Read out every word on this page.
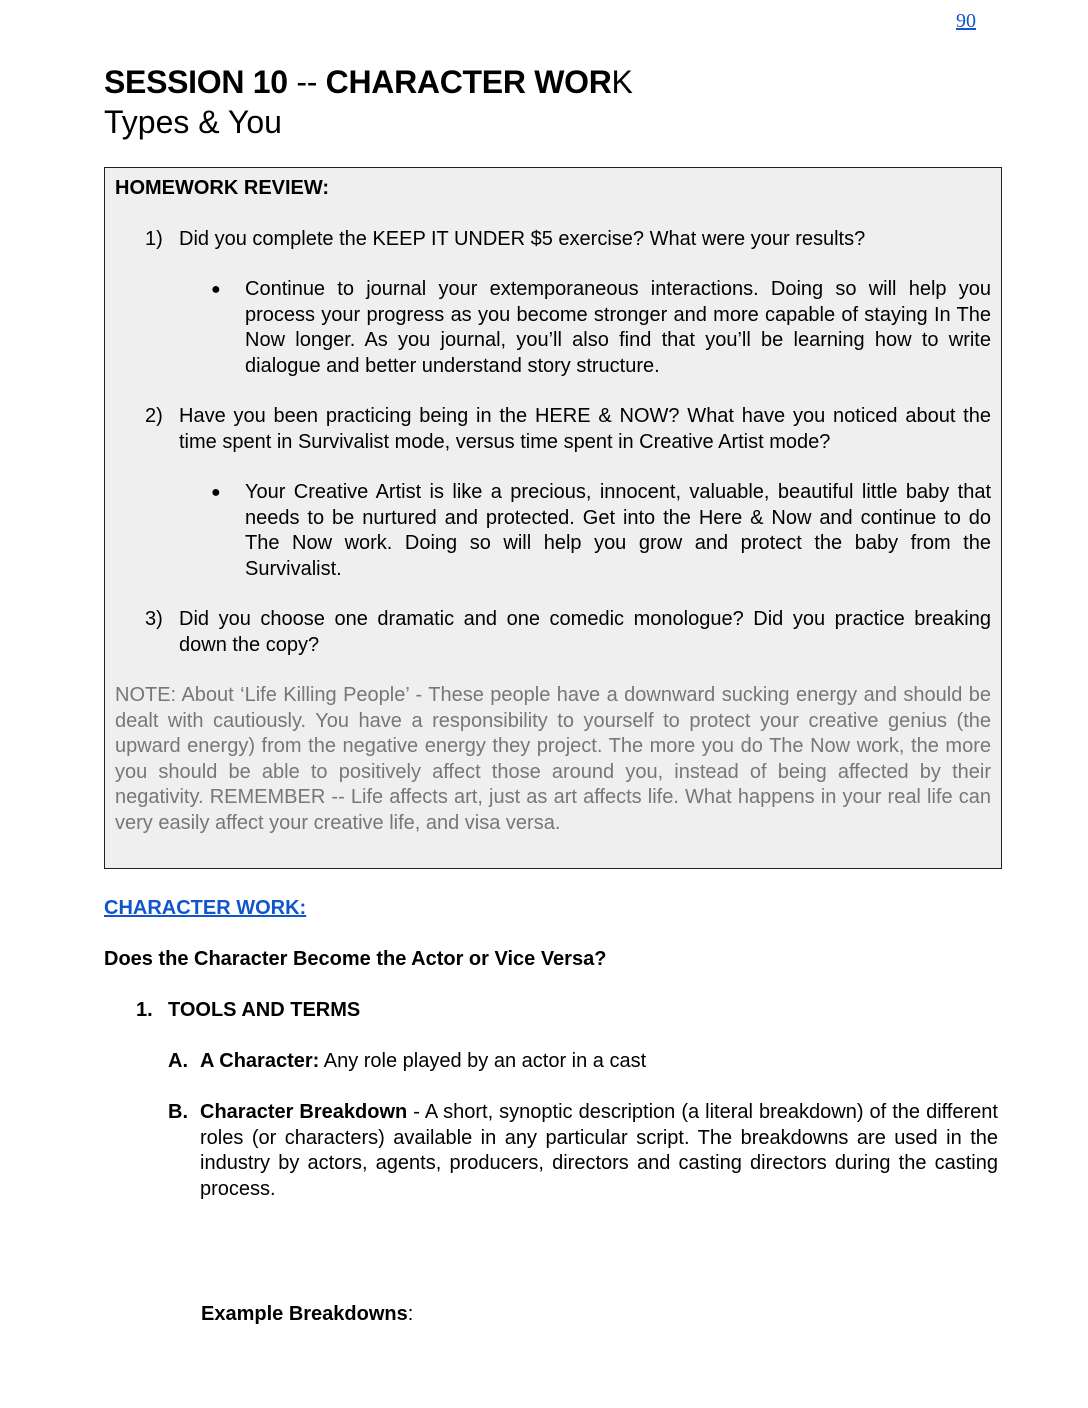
90
SESSION 10 -- CHARACTER WORK
Types & You

HOMEWORK REVIEW:

1) Did you complete the KEEP IT UNDER $5 exercise? What were your results?
●	Continue to journal your extemporaneous interactions. Doing so will help you process your progress as you become stronger and more capable of staying In The Now longer. As you journal, you’ll also find that you’ll be learning how to write dialogue and better understand story structure.
2) Have you been practicing being in the HERE & NOW? What have you noticed about the time spent in Survivalist mode, versus time spent in Creative Artist mode?
●	Your Creative Artist is like a precious, innocent, valuable, beautiful little baby that needs to be nurtured and protected. Get into the Here & Now and continue to do The Now work. Doing so will help you grow and protect the baby from the Survivalist.
3) Did you choose one dramatic and one comedic monologue? Did you practice breaking down the copy?

NOTE: About ‘Life Killing People’ - These people have a downward sucking energy and should be dealt with cautiously. You have a responsibility to yourself to protect your creative genius (the upward energy) from the negative energy they project. The more you do The Now work, the more you should be able to positively affect those around you, instead of being affected by their negativity. REMEMBER -- Life affects art, just as art affects life. What happens in your real life can very easily affect your creative life, and visa versa.

CHARACTER WORK:
Does the Character Become the Actor or Vice Versa?
1. TOOLS AND TERMS
A. A Character: Any role played by an actor in a cast
B. Character Breakdown - A short, synoptic description (a literal breakdown) of the different roles (or characters) available in any particular script. The breakdowns are used in the industry by actors, agents, producers, directors and casting directors during the casting process.
Example Breakdowns:
